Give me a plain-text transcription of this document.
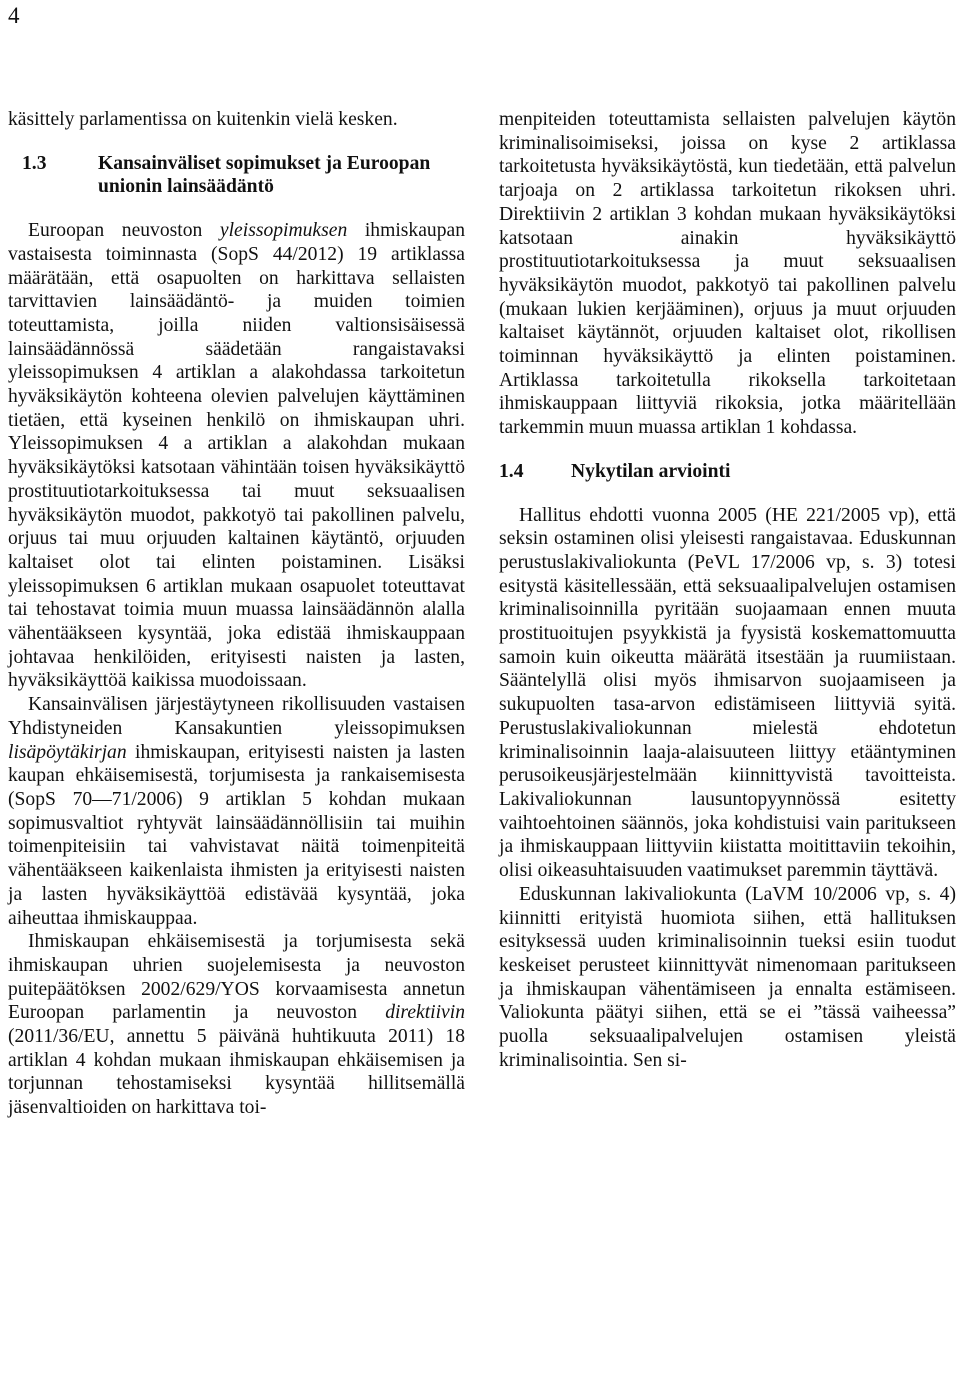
4

käsittely parlamentissa on kuitenkin vielä kesken.

1.3	Kansainväliset sopimukset ja Euroopan unionin lainsäädäntö

Euroopan neuvoston yleissopimuksen ihmiskaupan vastaisesta toiminnasta (SopS 44/2012) 19 artiklassa määrätään, että osapuolten on harkittava sellaisten tarvittavien lainsäädäntö- ja muiden toimien toteuttamista, joilla niiden valtionsisäisessä lainsäädännössä säädetään rangaistavaksi yleissopimuksen 4 artiklan a alakohdassa tarkoitetun hyväksikäytön kohteena olevien palvelujen käyttäminen tietäen, että kyseinen henkilö on ihmiskaupan uhri. Yleissopimuksen 4 a artiklan a alakohdan mukaan hyväksikäytöksi katsotaan vähintään toisen hyväksikäyttö prostituutiotarkoituksessa tai muut seksuaalisen hyväksikäytön muodot, pakkotyö tai pakollinen palvelu, orjuus tai muu orjuuden kaltainen käytäntö, orjuuden kaltaiset olot tai elinten poistaminen. Lisäksi yleissopimuksen 6 artiklan mukaan osapuolet toteuttavat tai tehostavat toimia muun muassa lainsäädännön alalla vähentääkseen kysyntää, joka edistää ihmiskauppaan johtavaa henkilöiden, erityisesti naisten ja lasten, hyväksikäyttöä kaikissa muodoissaan.

Kansainvälisen järjestäytyneen rikollisuuden vastaisen Yhdistyneiden Kansakuntien yleissopimuksen lisäpöytäkirjan ihmiskaupan, erityisesti naisten ja lasten kaupan ehkäisemisestä, torjumisesta ja rankaisemisesta (SopS 70—71/2006) 9 artiklan 5 kohdan mukaan sopimusvaltiot ryhtyvät lainsäädännöllisiin tai muihin toimenpiteisiin tai vahvistavat näitä toimenpiteitä vähentääkseen kaikenlaista ihmisten ja erityisesti naisten ja lasten hyväksikäyttöä edistävää kysyntää, joka aiheuttaa ihmiskauppaa.

Ihmiskaupan ehkäisemisestä ja torjumisesta sekä ihmiskaupan uhrien suojelemisesta ja neuvoston puitepäätöksen 2002/629/YOS korvaamisesta annetun Euroopan parlamentin ja neuvoston direktiivin (2011/36/EU, annettu 5 päivänä huhtikuuta 2011) 18 artiklan 4 kohdan mukaan ihmiskaupan ehkäisemisen ja torjunnan tehostamiseksi kysyntää hillitsemällä jäsenvaltioiden on harkittava toi-

menpiteiden toteuttamista sellaisten palvelujen käytön kriminalisoimiseksi, joissa on kyse 2 artiklassa tarkoitetusta hyväksikäytöstä, kun tiedetään, että palvelun tarjoaja on 2 artiklassa tarkoitetun rikoksen uhri. Direktiivin 2 artiklan 3 kohdan mukaan hyväksikäytöksi katsotaan ainakin hyväksikäyttö prostituutiotarkoituksessa ja muut seksuaalisen hyväksikäytön muodot, pakkotyö tai pakollinen palvelu (mukaan lukien kerjääminen), orjuus ja muut orjuuden kaltaiset käytännöt, orjuuden kaltaiset olot, rikollisen toiminnan hyväksikäyttö ja elinten poistaminen. Artiklassa tarkoitetulla rikoksella tarkoitetaan ihmiskauppaan liittyviä rikoksia, jotka määritellään tarkemmin muun muassa artiklan 1 kohdassa.

1.4	Nykytilan arviointi

Hallitus ehdotti vuonna 2005 (HE 221/2005 vp), että seksin ostaminen olisi yleisesti rangaistavaa. Eduskunnan perustuslakivaliokunta (PeVL 17/2006 vp, s. 3) totesi esitystä käsitellessään, että seksuaalipalvelujen ostamisen kriminalisoinnilla pyritään suojaamaan ennen muuta prostituoitujen psyykkistä ja fyysistä koskemattomuutta samoin kuin oikeutta määrätä itsestään ja ruumiistaan. Sääntelyllä olisi myös ihmisarvon suojaamiseen ja sukupuolten tasa-arvon edistämiseen liittyviä syitä. Perustuslakivaliokunnan mielestä ehdotetun kriminalisoinnin laaja-alaisuuteen liittyy etääntyminen perusoikeusjärjestelmään kiinnittyvistä tavoitteista. Lakivaliokunnan lausuntopyynnössä esitetty vaihtoehtoinen säännös, joka kohdistuisi vain paritukseen ja ihmiskauppaan liittyviin kiistatta moitittaviin tekoihin, olisi oikeasuhtaisuuden vaatimukset paremmin täyttävä.

Eduskunnan lakivaliokunta (LaVM 10/2006 vp, s. 4) kiinnitti erityistä huomiota siihen, että hallituksen esityksessä uuden kriminalisoinnin tueksi esiin tuodut keskeiset perusteet kiinnittyvät nimenomaan paritukseen ja ihmiskaupan vähentämiseen ja ennalta estämiseen. Valiokunta päätyi siihen, että se ei ”tässä vaiheessa” puolla seksuaalipalvelujen ostamisen yleistä kriminalisointia. Sen si-
